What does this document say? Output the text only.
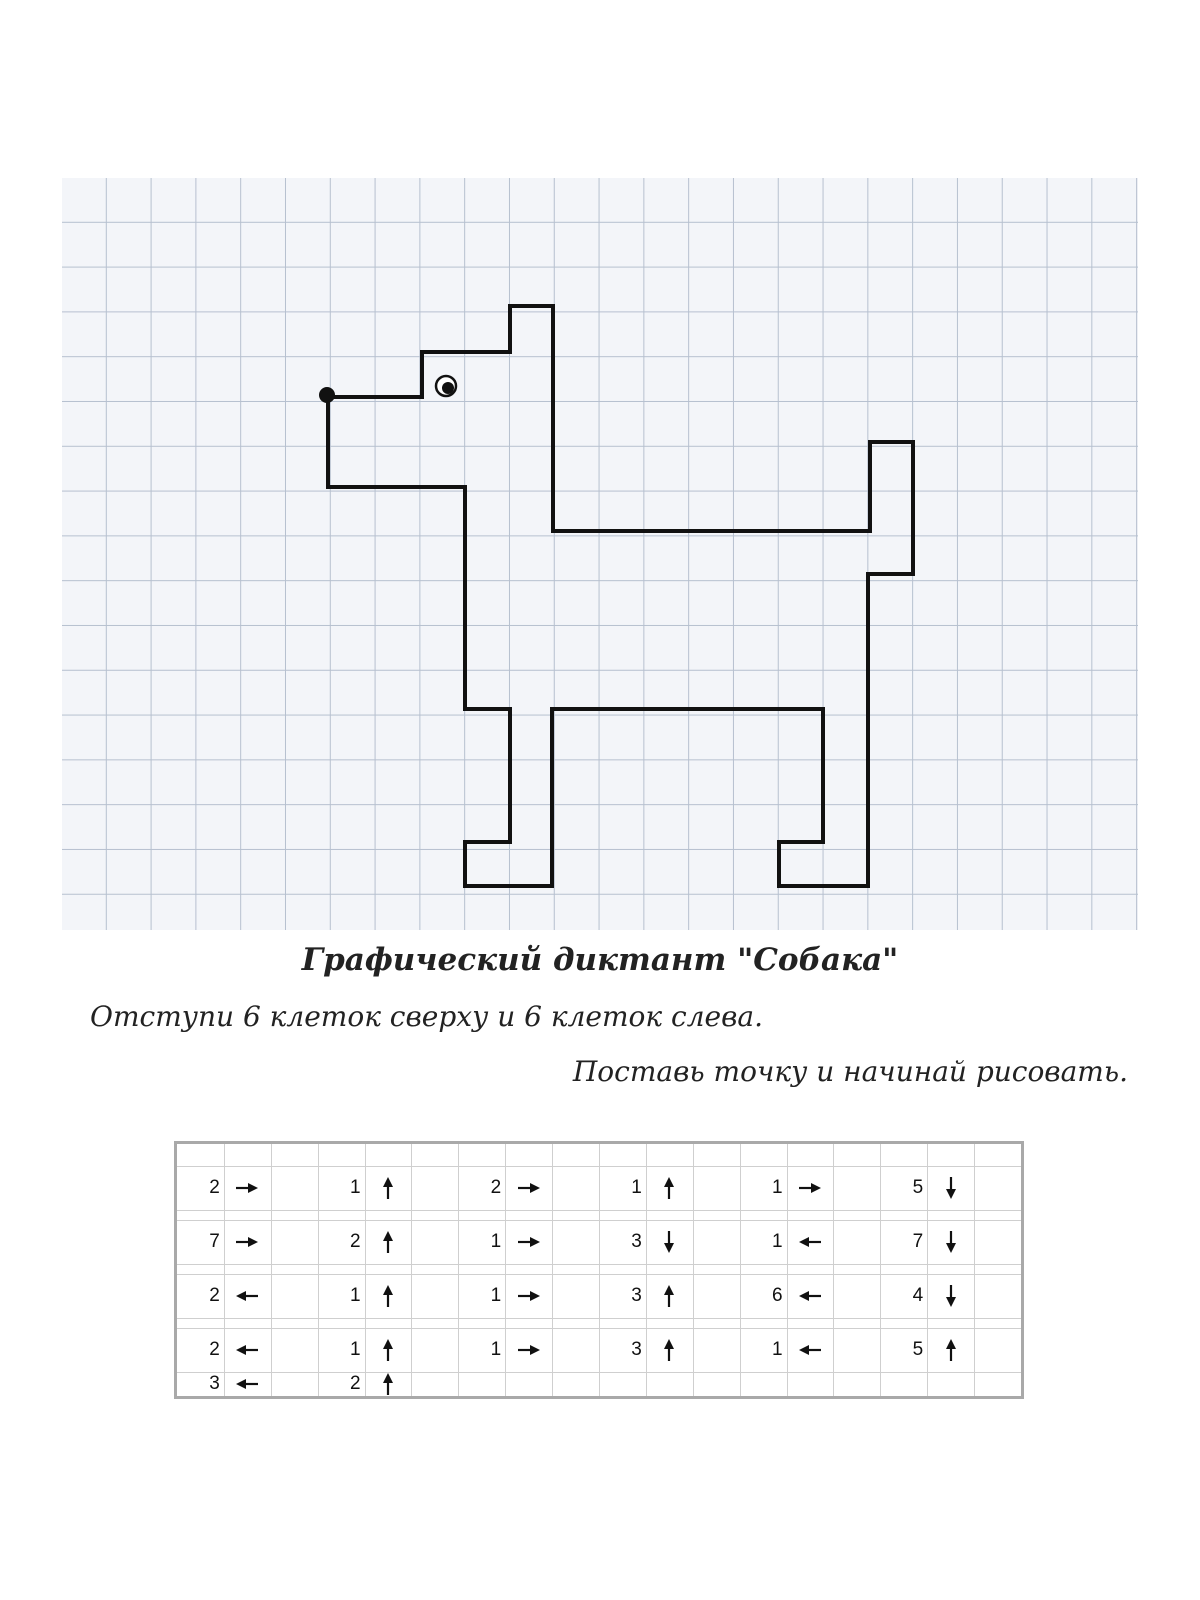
Графический диктант "Собака"

Отступи 6 клеток сверху и 6 клеток слева.

Поставь точку и начинай рисовать.

2	1	2	1	1	5
7	2	1	3	1	7
2	1	1	3	6	4
2	1	1	3	1	5
3	2
